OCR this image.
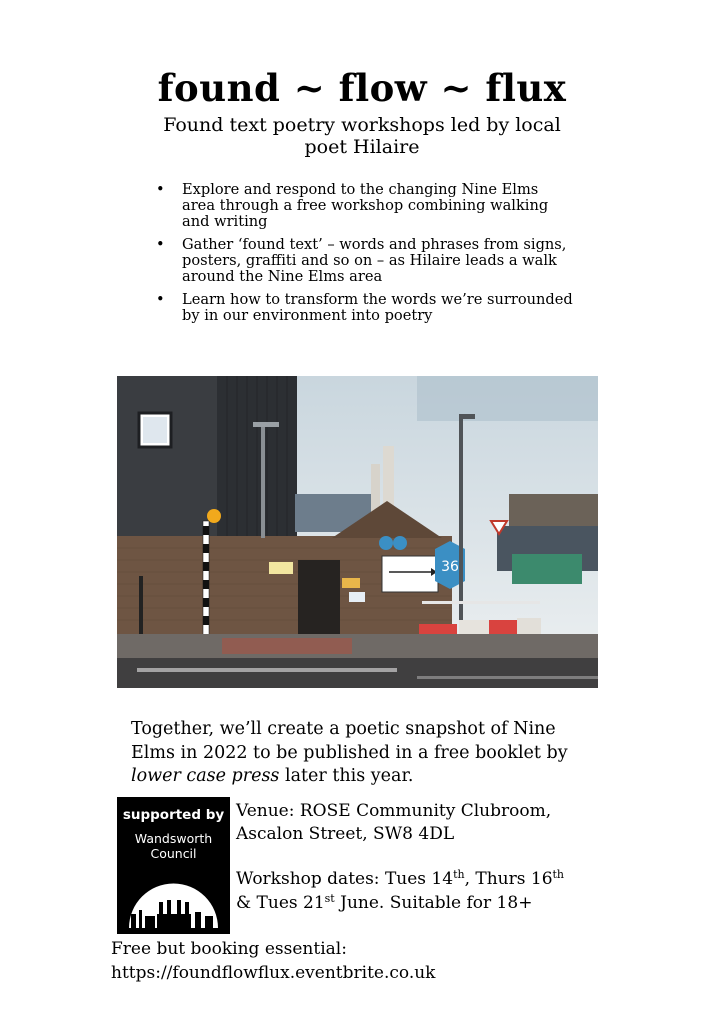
found ~ flow ~ flux
Found text poetry workshops led by local poet Hilaire
• Explore and respond to the changing Nine Elms area through a free workshop combining walking and writing
• Gather ‘found text’ – words and phrases from signs, posters, graffiti and so on – as Hilaire leads a walk around the Nine Elms area
• Learn how to transform the words we’re surrounded by in our environment into poetry
36
Together, we’ll create a poetic snapshot of Nine Elms in 2022 to be published in a free booklet by lower case press later this year.
supported by
Wandsworth
Council
Venue: ROSE Community Clubroom,
Ascalon Street, SW8 4DL
Workshop dates: Tues 14th, Thurs 16th
& Tues 21st June. Suitable for 18+
Free but booking essential:
https://foundflowflux.eventbrite.co.uk
